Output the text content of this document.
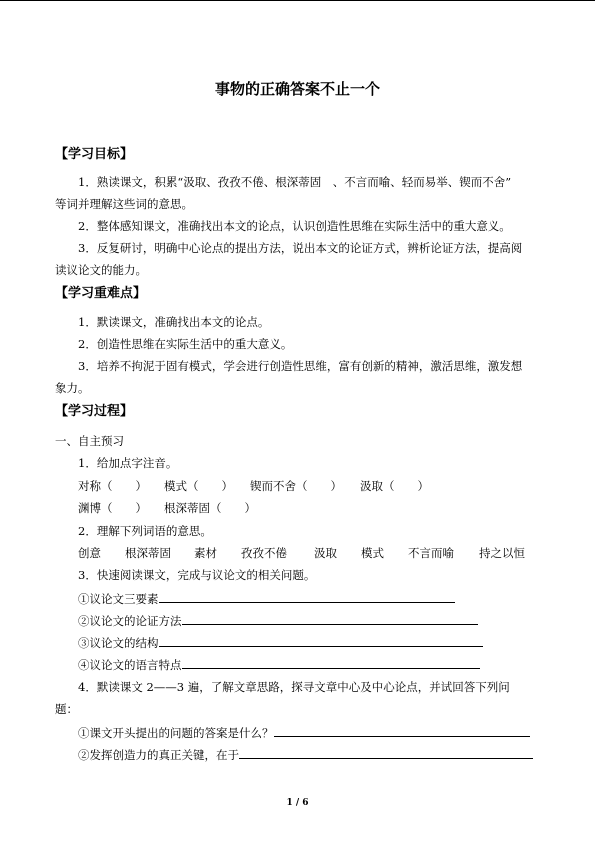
事物的正确答案不止一个
【学习目标】
1．熟读课文，积累“汲取、孜孜不倦、根深蒂固　、不言而喻、轻而易举、锲而不舍”
等词并理解这些词的意思。
2．整体感知课文，准确找出本文的论点，认识创造性思维在实际生活中的重大意义。
3．反复研讨，明确中心论点的提出方法，说出本文的论证方式，辨析论证方法，提高阅
读议论文的能力。
【学习重难点】
1．默读课文，准确找出本文的论点。
2．创造性思维在实际生活中的重大意义。
3．培养不拘泥于固有模式，学会进行创造性思维，富有创新的精神，激活思维，激发想
象力。
【学习过程】
一、自主预习
1．给加点字注音。
对称（　　）	模式（　　）	锲而不舍（　　）	汲取（　　）
渊博（　　）	根深蒂固（　　）
2．理解下列词语的意思。
创意	根深蒂固	素材	孜孜不倦	汲取	模式	不言而喻	持之以恒
3．快速阅读课文，完成与议论文的相关问题。
①议论文三要素
②议论文的论证方法
③议论文的结构
④议论文的语言特点
4．默读课文 2——3 遍，了解文章思路，探寻文章中心及中心论点，并试回答下列问
题：
①课文开头提出的问题的答案是什么？
②发挥创造力的真正关键，在于
1 / 6
